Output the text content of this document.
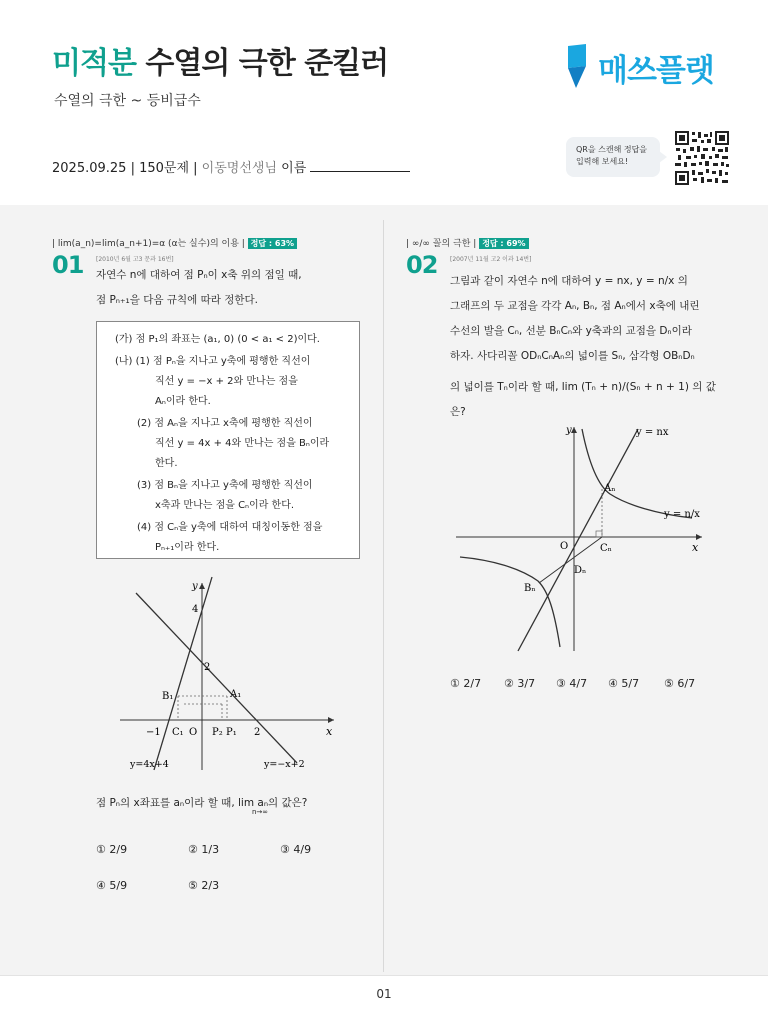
미적분 수열의 극한 준킬러
수열의 극한 ~ 등비급수
2025.09.25 | 150문제 | 이동명선생님 이름
매쓰플랫
QR을 스캔해 정답을
입력해 보세요!
| lim(a_n)=lim(a_n+1)=α (α는 실수)의 이용 | 정답 : 63%
01 [2010년 6월 고3 문과 16번]
자연수 n에 대하여 점 Pₙ이 x축 위의 점일 때,
점 Pₙ₊₁을 다음 규칙에 따라 정한다.
(가) 점 P₁의 좌표는 (a₁, 0) (0 < a₁ < 2)이다.
(나) (1) 점 Pₙ을 지나고 y축에 평행한 직선이
직선 y = −x + 2와 만나는 점을
Aₙ이라 한다.
(2) 점 Aₙ을 지나고 x축에 평행한 직선이
직선 y = 4x + 4와 만나는 점을 Bₙ이라
한다.
(3) 점 Bₙ을 지나고 y축에 평행한 직선이
x축과 만나는 점을 Cₙ이라 한다.
(4) 점 Cₙ을 y축에 대하여 대칭이동한 점을
Pₙ₊₁이라 한다.
y
x
4
2
B₁	A₁
−1 C₁ O P₂ P₁ 2
y=4x+4	y=−x+2
점 Pₙ의 x좌표를 aₙ이라 할 때, lim aₙ의 값은?
n→∞
① 2/9	② 1/3	③ 4/9
④ 5/9	⑤ 2/3
| ∞/∞ 꼴의 극한 | 정답 : 69%
02 [2007년 11월 고2 이과 14번]
그림과 같이 자연수 n에 대하여 y = nx, y = n/x 의
그래프의 두 교점을 각각 Aₙ, Bₙ, 점 Aₙ에서 x축에 내린
수선의 발을 Cₙ, 선분 BₙCₙ와 y축과의 교점을 Dₙ이라
하자. 사다리꼴 ODₙCₙAₙ의 넓이를 Sₙ, 삼각형 OBₙDₙ
의 넓이를 Tₙ이라 할 때, lim (Tₙ + n)/(Sₙ + n + 1) 의 값은?
y
x
y = nx
y = n/x
Aₙ
Bₙ
Cₙ
Dₙ
O
① 2/7 ② 3/7 ③ 4/7 ④ 5/7 ⑤ 6/7
01
